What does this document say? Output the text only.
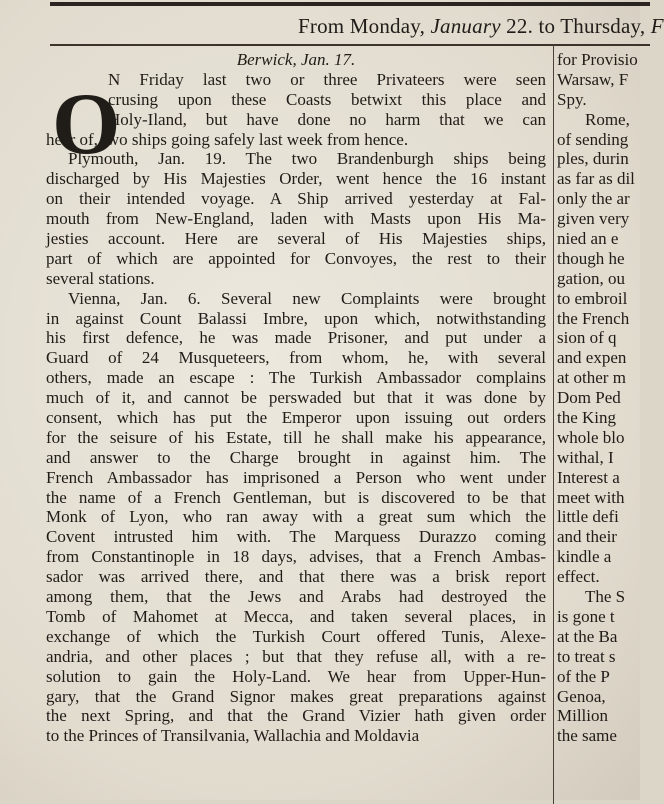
From Monday, January 22. to Thursday, F
Berwick, Jan. 17.
O
N Friday last two or three Privateers were seen
crusing upon these Coasts betwixt this place and
Holy-Iland, but have done no harm that we can
hear of, two ships going safely last week from hence.
Plymouth, Jan. 19. The two Brandenburgh ships being
discharged by His Majesties Order, went hence the 16 instant
on their intended voyage. A Ship arrived yesterday at Fal-
mouth from New-England, laden with Masts upon His Ma-
jesties account. Here are several of His Majesties ships,
part of which are appointed for Convoyes, the rest to their
several stations.
Vienna, Jan. 6. Several new Complaints were brought
in against Count Balassi Imbre, upon which, notwithstanding
his first defence, he was made Prisoner, and put under a
Guard of 24 Musqueteers, from whom, he, with several
others, made an escape : The Turkish Ambassador complains
much of it, and cannot be perswaded but that it was done by
consent, which has put the Emperor upon issuing out orders
for the seisure of his Estate, till he shall make his appearance,
and answer to the Charge brought in against him. The
French Ambassador has imprisoned a Person who went under
the name of a French Gentleman, but is discovered to be that
Monk of Lyon, who ran away with a great sum which the
Covent intrusted him with. The Marquess Durazzo coming
from Constantinople in 18 days, advises, that a French Ambas-
sador was arrived there, and that there was a brisk report
among them, that the Jews and Arabs had destroyed the
Tomb of Mahomet at Mecca, and taken several places, in
exchange of which the Turkish Court offered Tunis, Alexe-
andria, and other places ; but that they refuse all, with a re-
solution to gain the Holy-Land. We hear from Upper-Hun-
gary, that the Grand Signor makes great preparations against
the next Spring, and that the Grand Vizier hath given order
to the Princes of Transilvania, Wallachia and Moldavia
for Provisio
Warsaw, F
Spy.
Rome,
of sending
ples, durin
as far as dil
only the ar
given very
nied an e
though he
gation, ou
to embroil
the French
sion of q
and expen
at other m
Dom Ped
the King
whole blo
withal, I
Interest a
meet with
little defi
and their
kindle a
effect.
The S
is gone t
at the Ba
to treat s
of the P
Genoa,
Million
the same
